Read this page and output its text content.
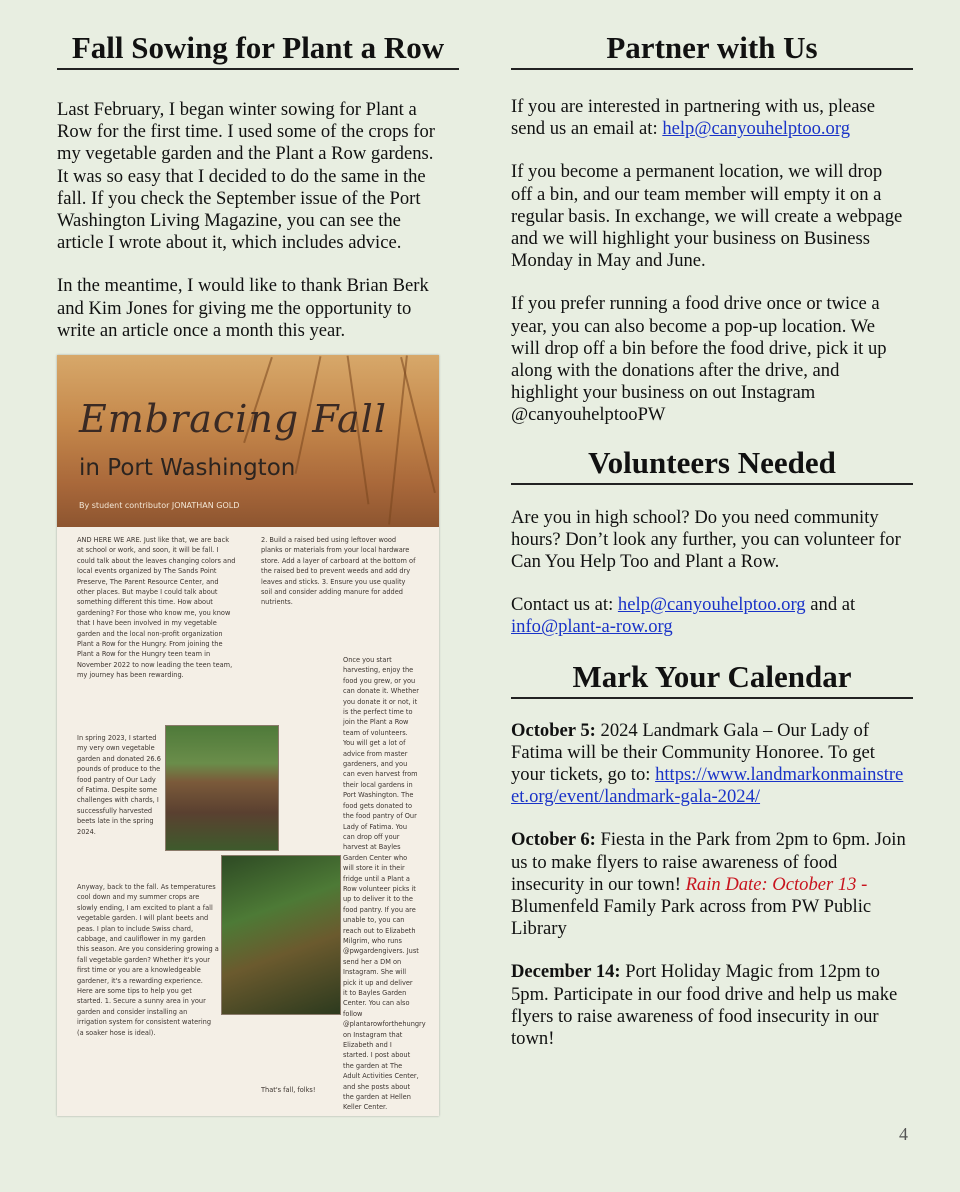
Fall Sowing for Plant a Row

Last February, I began winter sowing for Plant a Row for the first time. I used some of the crops for my vegetable garden and the Plant a Row gardens. It was so easy that I decided to do the same in the fall. If you check the September issue of the Port Washington Living Magazine, you can see the article I wrote about it, which includes advice.

In the meantime, I would like to thank Brian Berk and Kim Jones for giving me the opportunity to write an article once a month this year.

Embracing Fall
in Port Washington
By student contributor JONATHAN GOLD

AND HERE WE ARE. Just like that, we are back at school or work, and soon, it will be fall. I could talk about the leaves changing colors and local events organized by The Sands Point Preserve, The Parent Resource Center, and other places. But maybe I could talk about something different this time. How about gardening? For those who know me, you know that I have been involved in my vegetable garden and the local non-profit organization Plant a Row for the Hungry. From joining the Plant a Row for the Hungry teen team in November 2022 to now leading the teen team, my journey has been rewarding.

In spring 2023, I started my very own vegetable garden and donated 26.6 pounds of produce to the food pantry of Our Lady of Fatima. Despite some challenges with chards, I successfully harvested beets late in the spring 2024.

Anyway, back to the fall. As temperatures cool down and my summer crops are slowly ending, I am excited to plant a fall vegetable garden. I will plant beets and peas. I plan to include Swiss chard, cabbage, and cauliflower in my garden this season. Are you considering growing a fall vegetable garden? Whether it's your first time or you are a knowledgeable gardener, it's a rewarding experience. Here are some tips to help you get started. 1. Secure a sunny area in your garden and consider installing an irrigation system for consistent watering (a soaker hose is ideal).

2. Build a raised bed using leftover wood planks or materials from your local hardware store. Add a layer of carboard at the bottom of the raised bed to prevent weeds and add dry leaves and sticks. 3. Ensure you use quality soil and consider adding manure for added nutrients.

Once you start harvesting, enjoy the food you grew, or you can donate it. Whether you donate it or not, it is the perfect time to join the Plant a Row team of volunteers. You will get a lot of advice from master gardeners, and you can even harvest from their local gardens in Port Washington. The food gets donated to the food pantry of Our Lady of Fatima. You can drop off your harvest at Bayles Garden Center who will store it in their fridge until a Plant a Row volunteer picks it up to deliver it to the food pantry. If you are unable to, you can reach out to Elizabeth Milgrim, who runs @pwgardengivers. Just send her a DM on Instagram. She will pick it up and deliver it to Bayles Garden Center. You can also follow @plantarowforthehungry on Instagram that Elizabeth and I started. I post about the garden at The Adult Activities Center, and she posts about the garden at Hellen Keller Center.

That's fall, folks!

Partner with Us

If you are interested in partnering with us, please send us an email at: help@canyouhelptoo.org

If you become a permanent location, we will drop off a bin, and our team member will empty it on a regular basis. In exchange, we will create a webpage and we will highlight your business on Business Monday in May and June.

If you prefer running a food drive once or twice a year, you can also become a pop-up location. We will drop off a bin before the food drive, pick it up along with the donations after the drive, and highlight your business on out Instagram @canyouhelptooPW

Volunteers Needed

Are you in high school? Do you need community hours? Don’t look any further, you can volunteer for Can You Help Too and Plant a Row.

Contact us at: help@canyouhelptoo.org and at info@plant-a-row.org

Mark Your Calendar

October 5: 2024 Landmark Gala – Our Lady of Fatima will be their Community Honoree. To get your tickets, go to: https://www.landmarkonmainstreet.org/event/landmark-gala-2024/

October 6: Fiesta in the Park from 2pm to 6pm. Join us to make flyers to raise awareness of food insecurity in our town! Rain Date: October 13 - Blumenfeld Family Park across from PW Public Library

December 14: Port Holiday Magic from 12pm to 5pm. Participate in our food drive and help us make flyers to raise awareness of food insecurity in our town!

4
